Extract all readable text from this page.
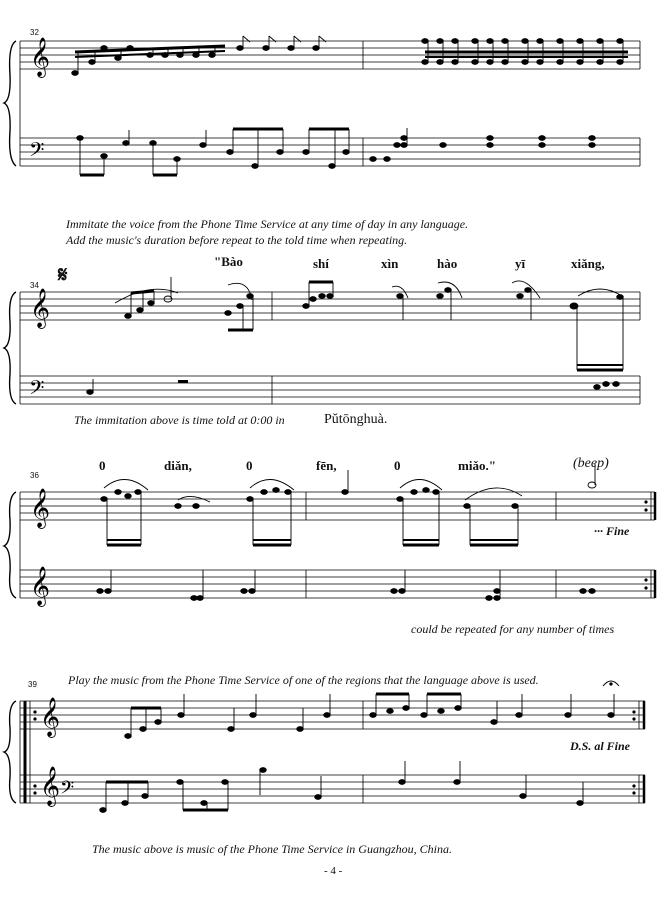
𝄞
𝄢
𝄞
𝄢
𝄞
𝄞
𝄞
𝄞 𝄢
32
34
36
39
Immitate the voice from the Phone Time Service at any time of day in any language.
Add the music's duration before repeat to the told time when repeating.
𝄋
"Bào	shí	xìn	hào	yī	xiǎng,
The immitation above is time told at 0:00 in	Pǔtōnghuà.
(beep)
0	diǎn,	0	fēn,	0	miǎo."
··· Fine
could be repeated for any number of times
Play the music from the Phone Time Service of one of the regions that the language above is used.
D.S. al Fine
The music above is music of the Phone Time Service in Guangzhou, China.
- 4 -
